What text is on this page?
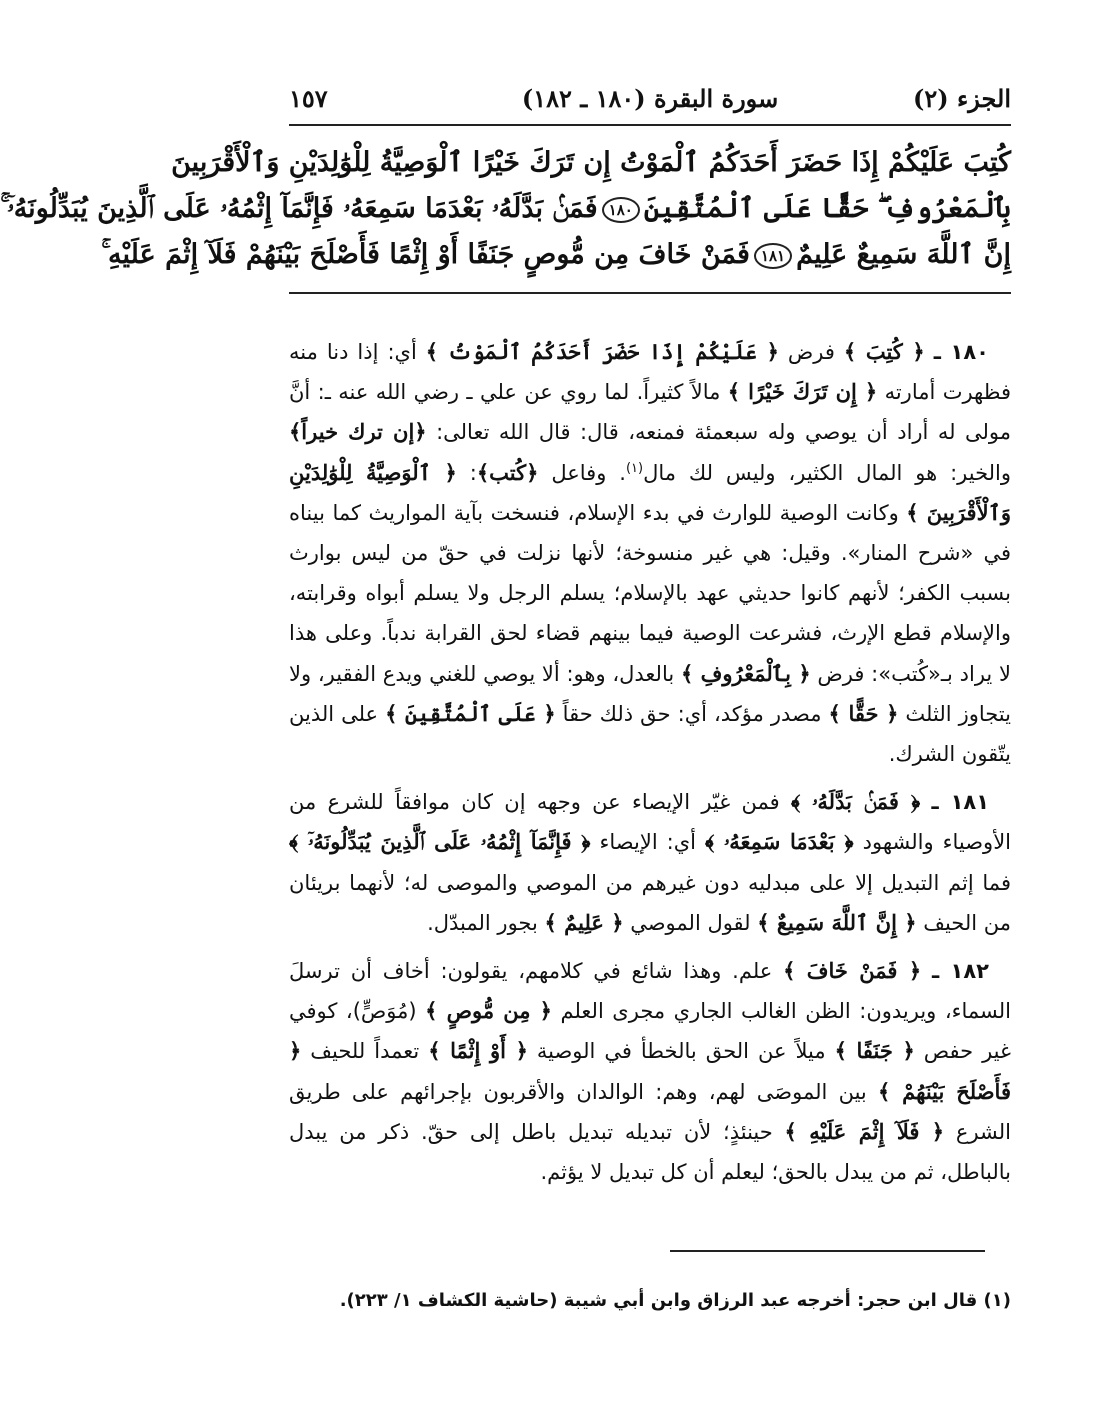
الجزء (٢)
سورة البقرة (١٨٠ ـ ١٨٢)
١٥٧
كُتِبَ عَلَيْكُمْ إِذَا حَضَرَ أَحَدَكُمُ ٱلْمَوْتُ إِن تَرَكَ خَيْرًا ٱلْوَصِيَّةُ لِلْوَٰلِدَيْنِ وَٱلْأَقْرَبِينَ
بِٱلْمَعْرُوفِ ۖ حَقًّا عَلَى ٱلْمُتَّقِينَ١٨٠فَمَنۢ بَدَّلَهُۥ بَعْدَمَا سَمِعَهُۥ فَإِنَّمَآ إِثْمُهُۥ عَلَى ٱلَّذِينَ يُبَدِّلُونَهُۥٓ ۚ
إِنَّ ٱللَّهَ سَمِيعٌ عَلِيمٌ١٨١فَمَنْ خَافَ مِن مُّوصٍ جَنَفًا أَوْ إِثْمًا فَأَصْلَحَ بَيْنَهُمْ فَلَآ إِثْمَ عَلَيْهِ ۚ

١٨٠ ـ ﴿ كُتِبَ ﴾ فرض ﴿ عَلَيْكُمْ إِذَا حَضَرَ أَحَدَكُمُ ٱلْمَوْتُ ﴾ أي: إذا دنا منه فظهرت أمارته ﴿ إِن تَرَكَ خَيْرًا ﴾ مالاً كثيراً. لما روي عن علي ـ رضي الله عنه ـ: أنَّ مولى له أراد أن يوصي وله سبعمئة فمنعه، قال: قال الله تعالى: ﴿إن ترك خيراً﴾ والخير: هو المال الكثير، وليس لك مال$^{(١)}$. وفاعل ﴿كُتب﴾: ﴿ ٱلْوَصِيَّةُ لِلْوَٰلِدَيْنِ وَٱلْأَقْرَبِينَ ﴾ وكانت الوصية للوارث في بدء الإسلام، فنسخت بآية المواريث كما بيناه في «شرح المنار». وقيل: هي غير منسوخة؛ لأنها نزلت في حقّ من ليس بوارث بسبب الكفر؛ لأنهم كانوا حديثي عهد بالإسلام؛ يسلم الرجل ولا يسلم أبواه وقرابته، والإسلام قطع الإرث، فشرعت الوصية فيما بينهم قضاء لحق القرابة ندباً. وعلى هذا لا يراد بـ«كُتب»: فرض ﴿ بِٱلْمَعْرُوفِ ﴾ بالعدل، وهو: ألا يوصي للغني ويدع الفقير، ولا يتجاوز الثلث ﴿ حَقًّا ﴾ مصدر مؤكد، أي: حق ذلك حقاً ﴿ عَلَى ٱلْمُتَّقِينَ ﴾ على الذين يتّقون الشرك.

١٨١ ـ ﴿ فَمَنۢ بَدَّلَهُۥ ﴾ فمن غيّر الإيصاء عن وجهه إن كان موافقاً للشرع من الأوصياء والشهود ﴿ بَعْدَمَا سَمِعَهُۥ ﴾ أي: الإيصاء ﴿ فَإِنَّمَآ إِثْمُهُۥ عَلَى ٱلَّذِينَ يُبَدِّلُونَهُۥٓ ﴾ فما إثم التبديل إلا على مبدليه دون غيرهم من الموصي والموصى له؛ لأنهما بريئان من الحيف ﴿ إِنَّ ٱللَّهَ سَمِيعٌ ﴾ لقول الموصي ﴿ عَلِيمٌ ﴾ بجور المبدّل.

١٨٢ ـ ﴿ فَمَنْ خَافَ ﴾ علم. وهذا شائع في كلامهم، يقولون: أخاف أن ترسلَ السماء، ويريدون: الظن الغالب الجاري مجرى العلم ﴿ مِن مُّوصٍ ﴾ (مُوَصٍّ)، كوفي غير حفص ﴿ جَنَفًا ﴾ ميلاً عن الحق بالخطأ في الوصية ﴿ أَوْ إِثْمًا ﴾ تعمداً للحيف ﴿ فَأَصْلَحَ بَيْنَهُمْ ﴾ بين الموصَى لهم، وهم: الوالدان والأقربون بإجرائهم على طريق الشرع ﴿ فَلَآ إِثْمَ عَلَيْهِ ﴾ حينئذٍ؛ لأن تبديله تبديل باطل إلى حقّ. ذكر من يبدل بالباطل، ثم من يبدل بالحق؛ ليعلم أن كل تبديل لا يؤثم.

(١) قال ابن حجر: أخرجه عبد الرزاق وابن أبي شيبة (حاشية الكشاف ١/ ٢٢٣).
